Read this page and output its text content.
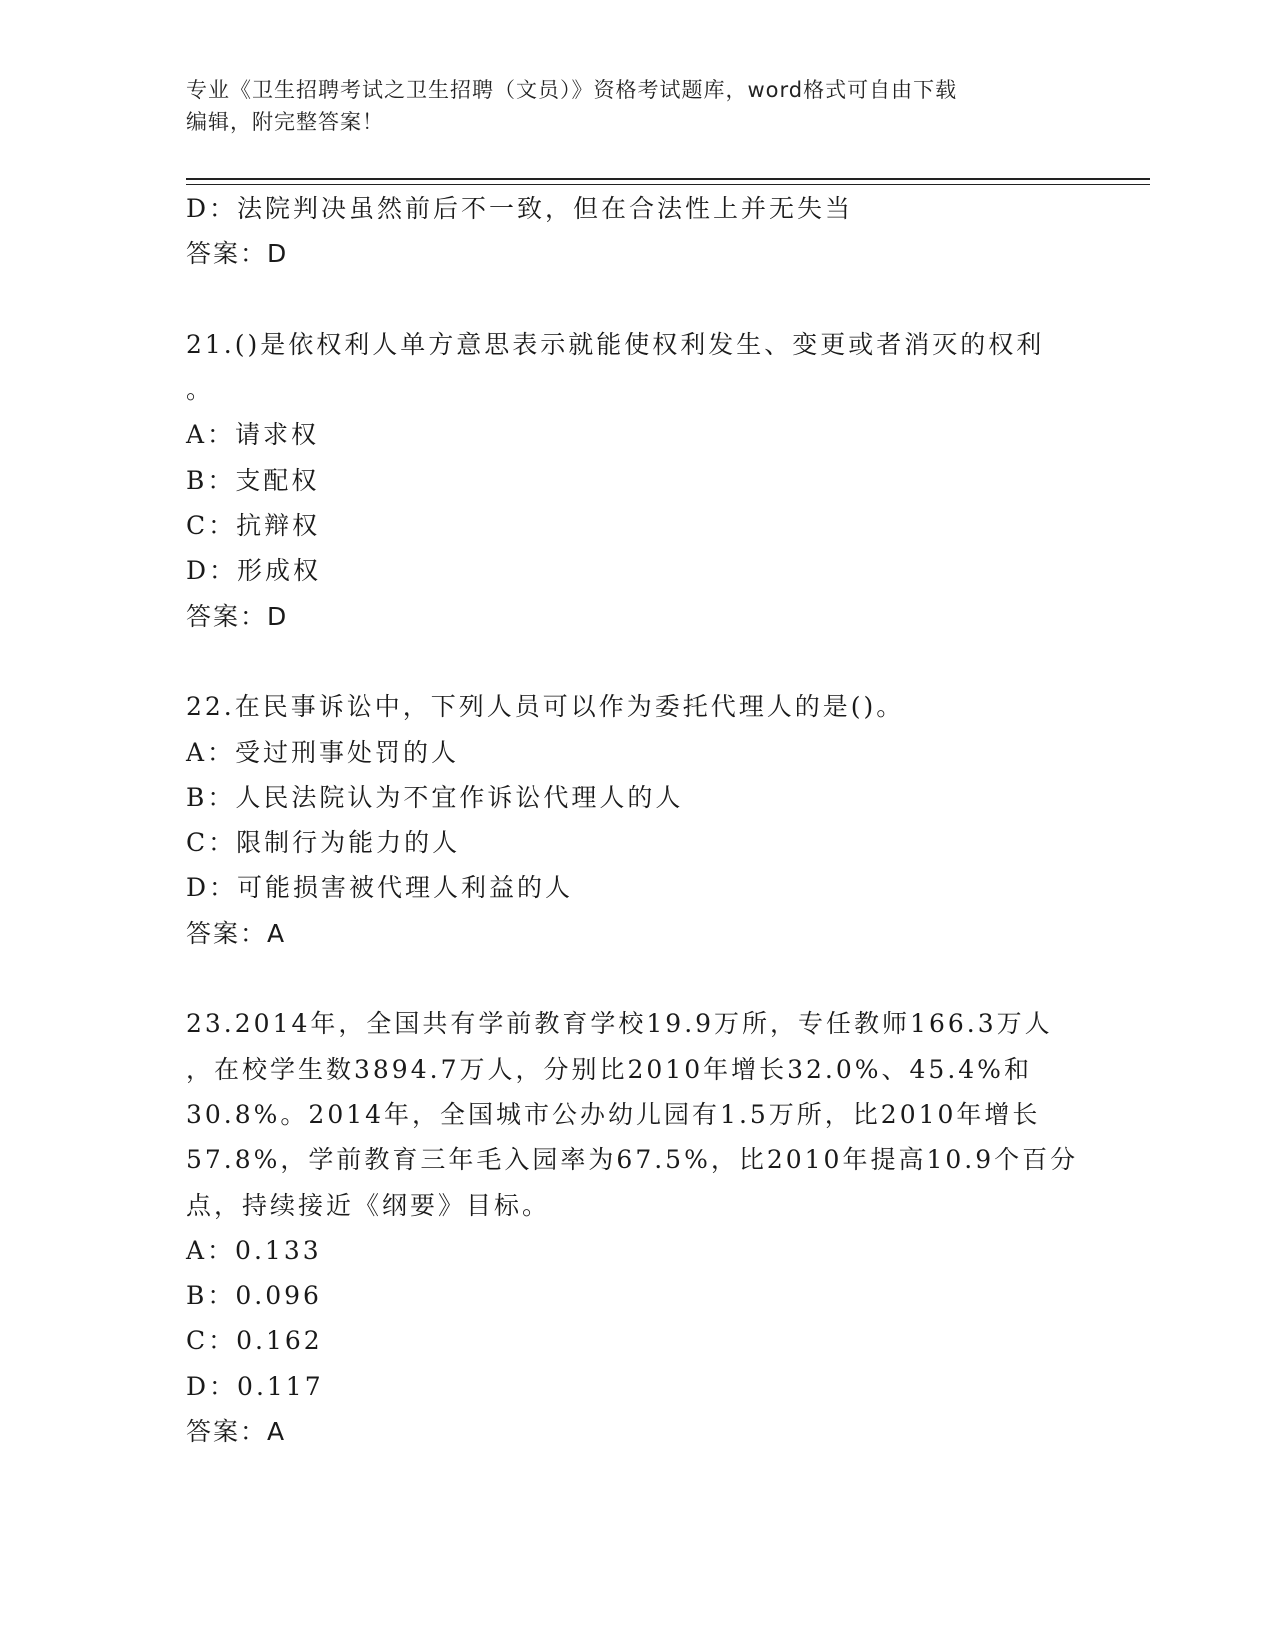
专业《卫生招聘考试之卫生招聘（文员）》资格考试题库，word格式可自由下载
编辑，附完整答案！
D：法院判决虽然前后不一致，但在合法性上并无失当
答案：D
21.()是依权利人单方意思表示就能使权利发生、变更或者消灭的权利
。
A：请求权
B：支配权
C：抗辩权
D：形成权
答案：D
22.在民事诉讼中，下列人员可以作为委托代理人的是()。
A：受过刑事处罚的人
B：人民法院认为不宜作诉讼代理人的人
C：限制行为能力的人
D：可能损害被代理人利益的人
答案：A
23.2014年，全国共有学前教育学校19.9万所，专任教师166.3万人
，在校学生数3894.7万人，分别比2010年增长32.0%、45.4%和
30.8%。2014年，全国城市公办幼儿园有1.5万所，比2010年增长
57.8%，学前教育三年毛入园率为67.5%，比2010年提高10.9个百分
点，持续接近《纲要》目标。
A：0.133
B：0.096
C：0.162
D：0.117
答案：A
